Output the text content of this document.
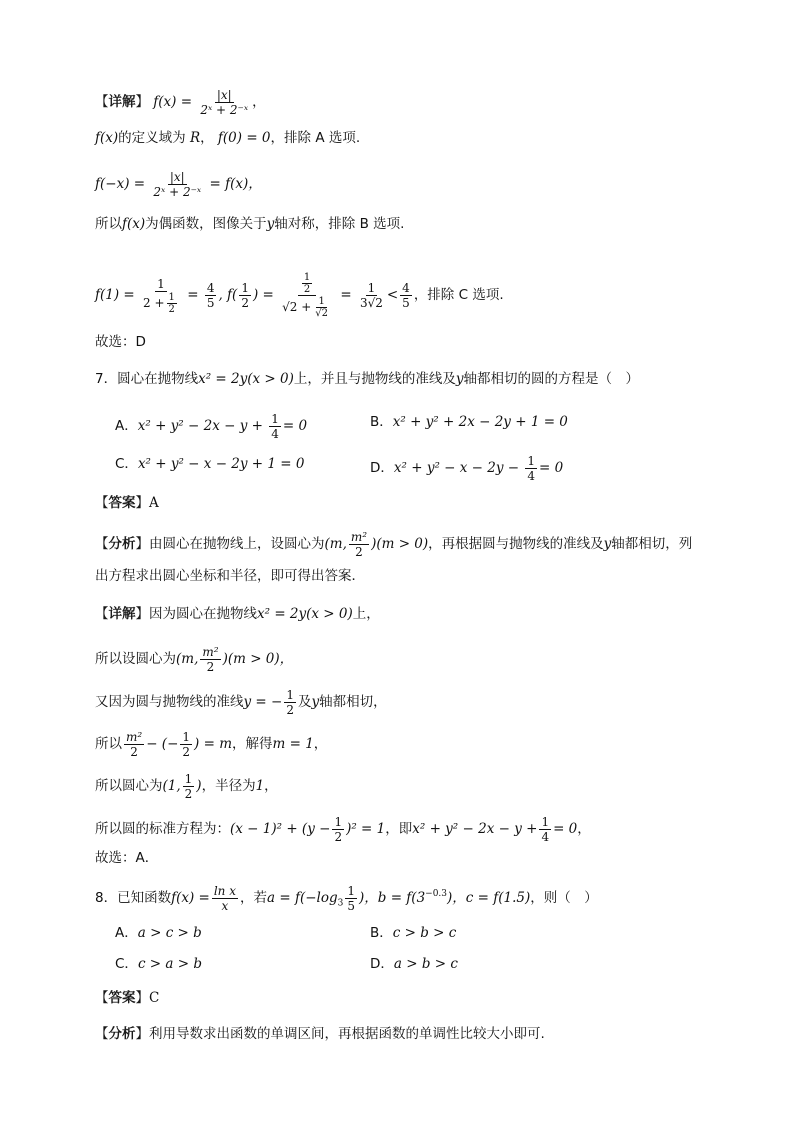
【详解】 $f(x) = \frac{|x|}{\text{2ˣ + 2⁻ˣ}}$ ，
f(x)的定义域为 R， f(0) = 0，排除 A 选项.
$f(-x) = \frac{|x|}{\text{2ˣ + 2⁻ˣ}} = f(x)$，
所以f(x)为偶函数，图像关于y轴对称，排除 B 选项.
$f(1) = \frac{1}{2 + \frac{1}{2}} = \frac{4}{5}$ , $f( \frac{1}{2}$ ) = $\frac{\frac{1}{2}}{√2 + \frac{1}{√2}} = \frac{1}{3√2} < \frac{4}{5}$ ，排除 C 选项.
故选：D
7．圆心在抛物线x² = 2y(x > 0)上，并且与抛物线的准线及y轴都相切的圆的方程是（　）
A．$x^2 + y^2 - 2x - y + \frac{1}{4} = 0$	B．x² + y² + 2x − 2y + 1 = 0
C．x² + y² − x − 2y + 1 = 0	D．$x^2 + y^2 - x - 2y - \frac{1}{4} = 0$
【答案】A
【分析】由圆心在抛物线上，设圆心为(m, $\frac{\text{m²}}{2} )(m > 0)$，再根据圆与抛物线的准线及y轴都相切，列
出方程求出圆心坐标和半径，即可得出答案．
【详解】因为圆心在抛物线x² = 2y(x > 0)上，
所以设圆心为(m, $\frac{\text{m²}}{2} )(m > 0)$，
又因为圆与抛物线的准线y = − $\frac{1}{2}$ 及y轴都相切，
所以 $\frac{\text{m²}}{2}$ − (− $\frac{1}{2}$ ) = m，解得m = 1，
所以圆心为(1, $\frac{1}{2}$ )，半径为1，
所以圆的标准方程为：$(x - 1)^2 + (y - \frac{1}{2} )^2 = 1$，即$x^2 + y^2 - 2x - y + \frac{1}{4} = 0$，
故选：A．
8．已知函数$f(x) = \frac{\text{ln x}}{x}$ ，若$a = f(-\log_3 \frac{1}{5}$ )，$b = f(3^{-0.3})$，c = f(1.5)，则（　）
A．a > c > b	B．c > b > c
C．c > a > b	D．a > b > c
【答案】C
【分析】利用导数求出函数的单调区间，再根据函数的单调性比较大小即可.
